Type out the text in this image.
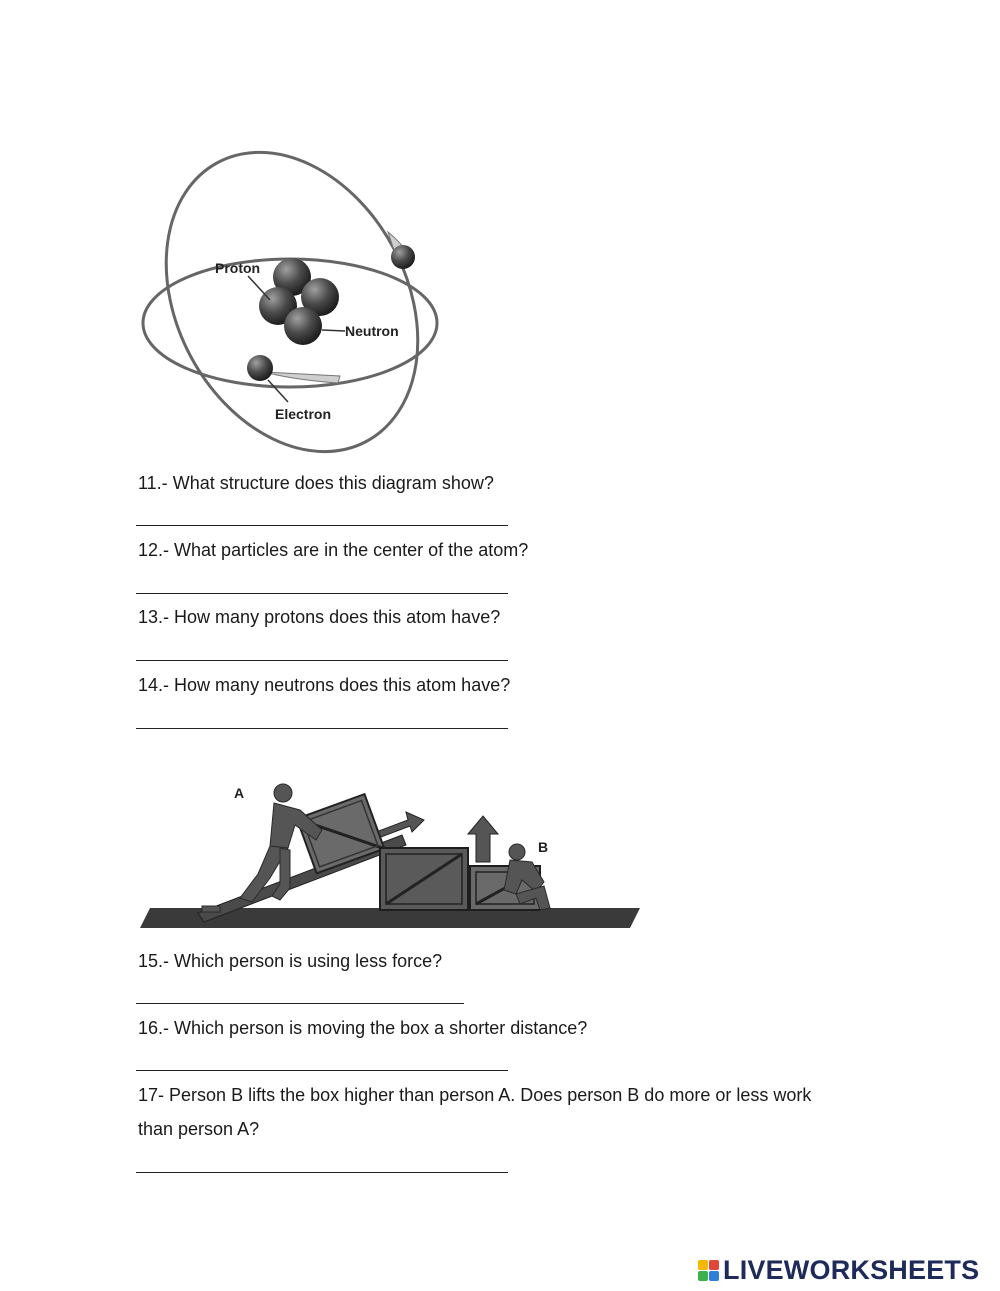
Proton
Neutron
Electron

11.- What structure does this diagram show?

12.- What particles are in the center of the atom?

13.- How many protons does this atom have?

14.- How many neutrons does this atom have?

A
B

15.- Which person is using less force?

16.- Which person is moving the box a shorter distance?

17- Person B lifts the box higher than person A. Does person B do more or less work than person A?

LIVEWORKSHEETS
